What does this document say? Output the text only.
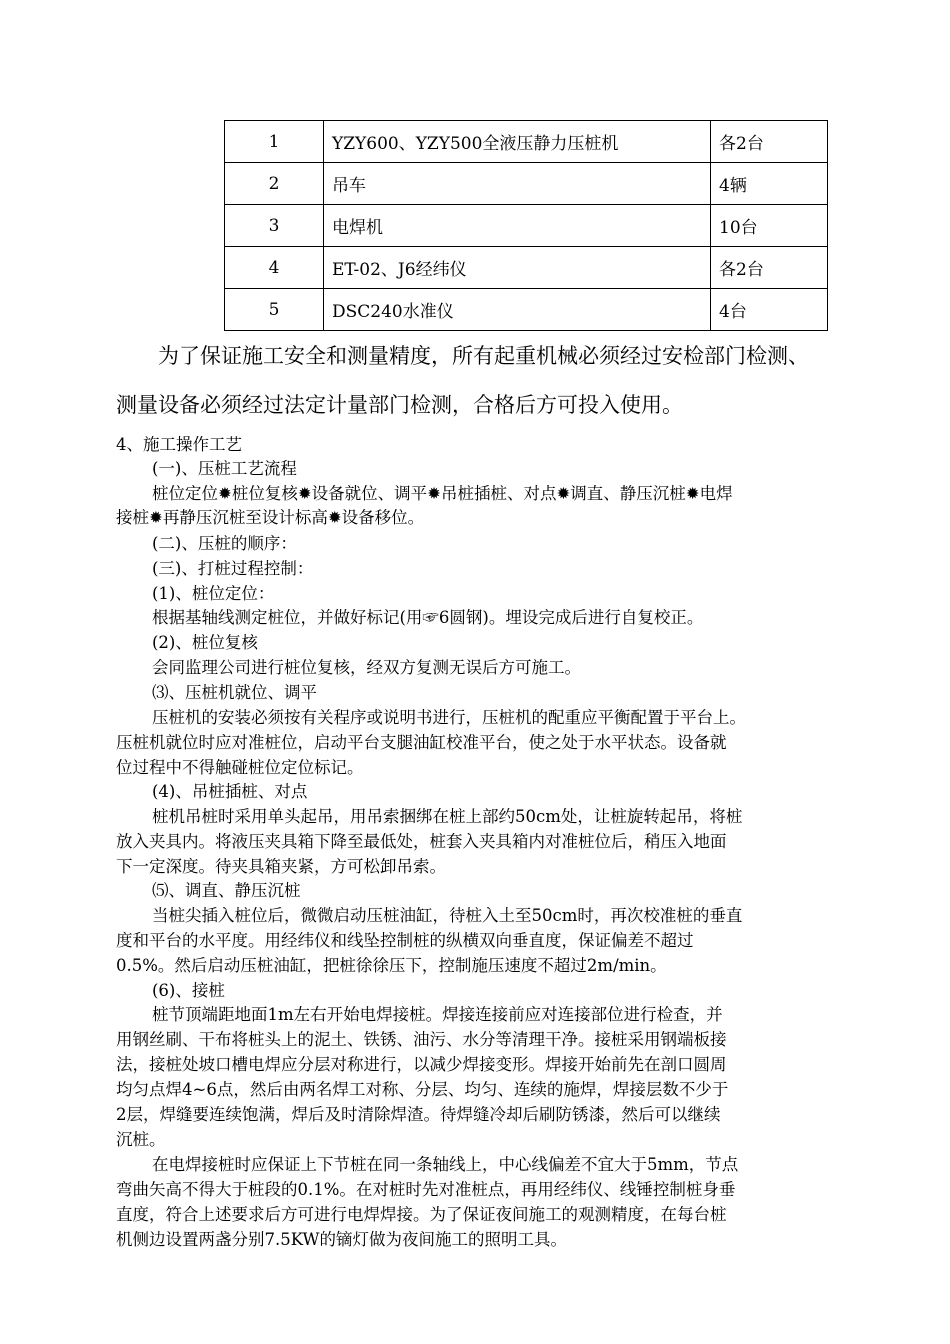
1	YZY600、YZY500全液压静力压桩机	各2台
2	吊车	4辆
3	电焊机	10台
4	ET-02、J6经纬仪	各2台
5	DSC240水准仪	4台
为了保证施工安全和测量精度，所有起重机械必须经过安检部门检测、
测量设备必须经过法定计量部门检测，合格后方可投入使用。
4、施工操作工艺
(一)、压桩工艺流程
桩位定位✹桩位复核✹设备就位、调平✹吊桩插桩、对点✹调直、静压沉桩✹电焊
接桩✹再静压沉桩至设计标高✹设备移位。
(二)、压桩的顺序：
(三)、打桩过程控制：
(1)、桩位定位：
根据基轴线测定桩位，并做好标记(用☞6圆钢)。埋设完成后进行自复校正。
(2)、桩位复核
会同监理公司进行桩位复核，经双方复测无误后方可施工。
⑶、压桩机就位、调平
压桩机的安装必须按有关程序或说明书进行，压桩机的配重应平衡配置于平台上。
压桩机就位时应对准桩位，启动平台支腿油缸校准平台，使之处于水平状态。设备就
位过程中不得触碰桩位定位标记。
(4)、吊桩插桩、对点
桩机吊桩时采用单头起吊，用吊索捆绑在桩上部约50cm处，让桩旋转起吊，将桩
放入夹具内。将液压夹具箱下降至最低处，桩套入夹具箱内对准桩位后，稍压入地面
下一定深度。待夹具箱夹紧，方可松卸吊索。
⑸、调直、静压沉桩
当桩尖插入桩位后，微微启动压桩油缸，待桩入土至50cm时，再次校准桩的垂直
度和平台的水平度。用经纬仪和线坠控制桩的纵横双向垂直度，保证偏差不超过
0.5%。然后启动压桩油缸，把桩徐徐压下，控制施压速度不超过2m/min。
(6)、接桩
桩节顶端距地面1m左右开始电焊接桩。焊接连接前应对连接部位进行检查，并
用钢丝刷、干布将桩头上的泥土、铁锈、油污、水分等清理干净。接桩采用钢端板接
法，接桩处坡口槽电焊应分层对称进行，以减少焊接变形。焊接开始前先在剖口圆周
均匀点焊4~6点，然后由两名焊工对称、分层、均匀、连续的施焊，焊接层数不少于
2层，焊缝要连续饱满，焊后及时清除焊渣。待焊缝冷却后刷防锈漆，然后可以继续
沉桩。
在电焊接桩时应保证上下节桩在同一条轴线上，中心线偏差不宜大于5mm，节点
弯曲矢高不得大于桩段的0.1%。在对桩时先对准桩点，再用经纬仪、线锤控制桩身垂
直度，符合上述要求后方可进行电焊焊接。为了保证夜间施工的观测精度，在每台桩
机侧边设置两盏分别7.5KW的镝灯做为夜间施工的照明工具。
